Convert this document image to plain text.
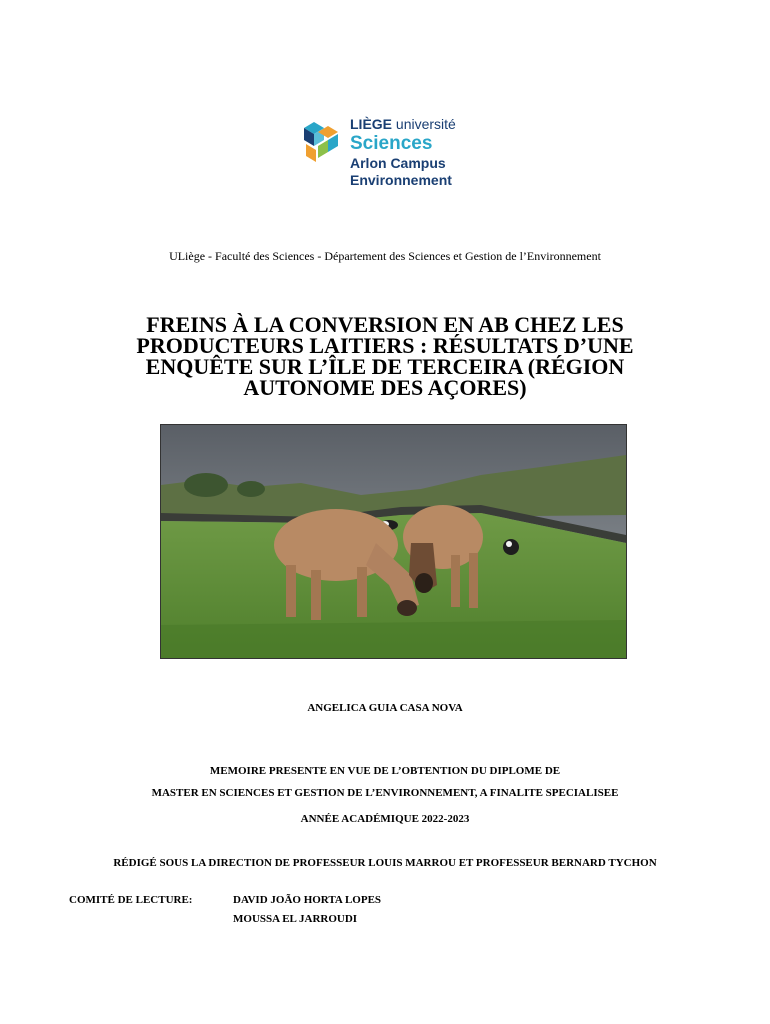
LIÈGE université
Sciences
Arlon Campus
Environnement
ULiège - Faculté des Sciences - Département des Sciences et Gestion de l’Environnement
FREINS À LA CONVERSION EN AB CHEZ LES
PRODUCTEURS LAITIERS : RÉSULTATS D’UNE
ENQUÊTE SUR L’ÎLE DE TERCEIRA (RÉGION
AUTONOME DES AÇORES)
ANGELICA GUIA CASA NOVA
MEMOIRE PRESENTE EN VUE DE L’OBTENTION DU DIPLOME DE
MASTER EN SCIENCES ET GESTION DE L’ENVIRONNEMENT, A FINALITE SPECIALISEE
ANNÉE ACADÉMIQUE 2022-2023
RÉDIGÉ SOUS LA DIRECTION DE PROFESSEUR LOUIS MARROU ET PROFESSEUR BERNARD TYCHON
COMITÉ DE LECTURE:	DAVID JOÃO HORTA LOPES
MOUSSA EL JARROUDI
